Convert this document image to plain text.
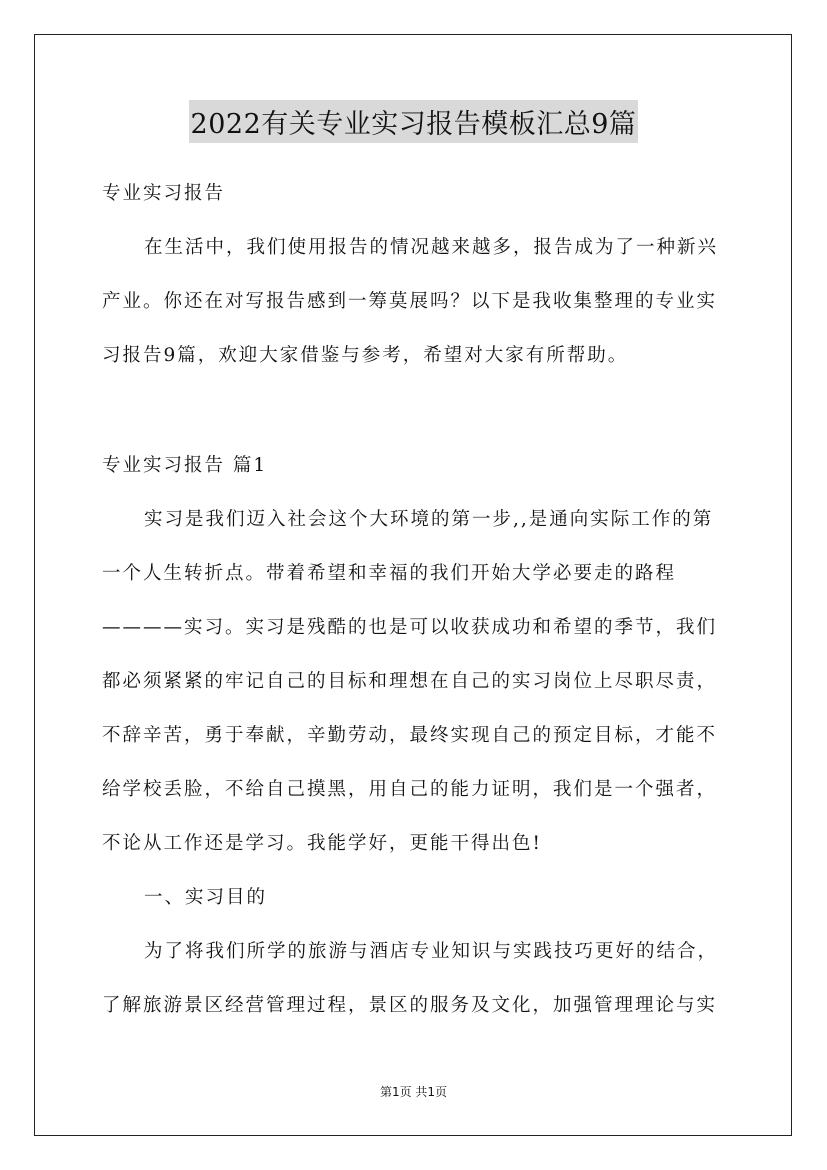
2022有关专业实习报告模板汇总9篇
专业实习报告
在生活中，我们使用报告的情况越来越多，报告成为了一种新兴
产业。你还在对写报告感到一筹莫展吗？以下是我收集整理的专业实
习报告9篇，欢迎大家借鉴与参考，希望对大家有所帮助。
专业实习报告 篇1
实习是我们迈入社会这个大环境的第一步,,是通向实际工作的第
一个人生转折点。带着希望和幸福的我们开始大学必要走的路程
————实习。实习是残酷的也是可以收获成功和希望的季节，我们
都必须紧紧的牢记自己的目标和理想在自己的实习岗位上尽职尽责，
不辞辛苦，勇于奉献，辛勤劳动，最终实现自己的预定目标，才能不
给学校丢脸，不给自己摸黑，用自己的能力证明，我们是一个强者，
不论从工作还是学习。我能学好，更能干得出色!
一、实习目的
为了将我们所学的旅游与酒店专业知识与实践技巧更好的结合，
了解旅游景区经营管理过程，景区的服务及文化，加强管理理论与实
第1页 共1页
